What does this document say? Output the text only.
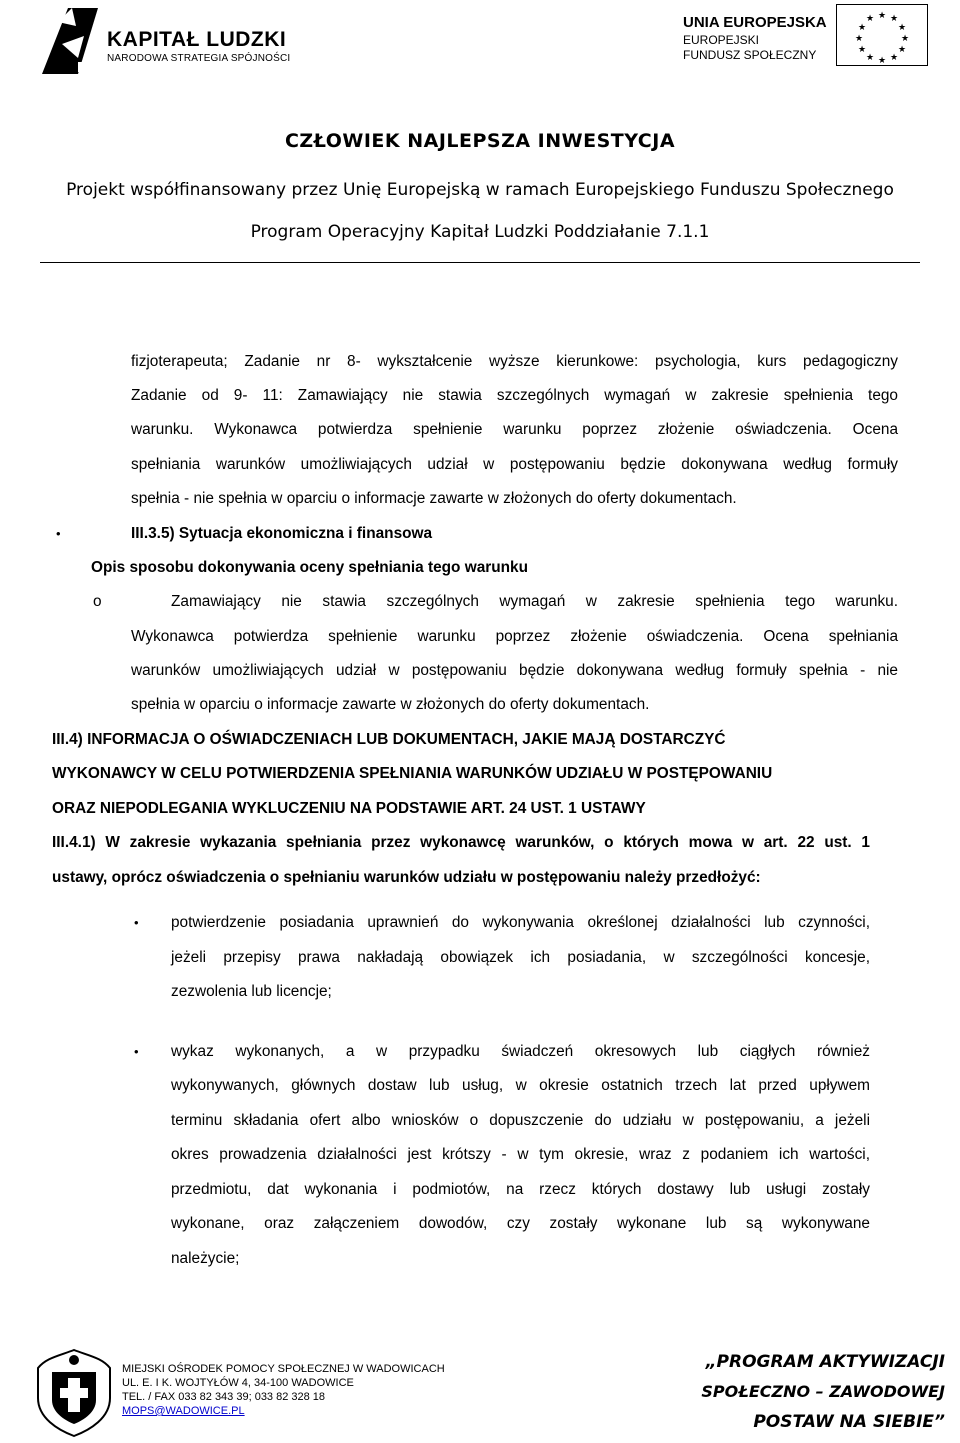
KAPITAŁ LUDZKI
NARODOWA STRATEGIA SPÓJNOŚCI
UNIA EUROPEJSKA
EUROPEJSKI
FUNDUSZ SPOŁECZNY
★ ★
★
★
★
★
★
★
★
★
★
★
CZŁOWIEK NAJLEPSZA INWESTYCJA
Projekt współfinansowany przez Unię Europejską w ramach Europejskiego Funduszu Społecznego
Program Operacyjny Kapitał Ludzki Poddziałanie 7.1.1
fizjoterapeuta; Zadanie nr 8- wykształcenie wyższe kierunkowe: psychologia, kurs pedagogiczny
Zadanie od 9- 11: Zamawiający nie stawia szczególnych wymagań w zakresie spełnienia tego
warunku. Wykonawca potwierdza spełnienie warunku poprzez złożenie oświadczenia. Ocena
spełniania warunków umożliwiających udział w postępowaniu będzie dokonywana według formuły
spełnia - nie spełnia w oparciu o informacje zawarte w złożonych do oferty dokumentach.
•	III.3.5) Sytuacja ekonomiczna i finansowa
Opis sposobu dokonywania oceny spełniania tego warunku
o	Zamawiający nie stawia szczególnych wymagań w zakresie spełnienia tego warunku.
Wykonawca potwierdza spełnienie warunku poprzez złożenie oświadczenia. Ocena spełniania
warunków umożliwiających udział w postępowaniu będzie dokonywana według formuły spełnia - nie
spełnia w oparciu o informacje zawarte w złożonych do oferty dokumentach.
III.4) INFORMACJA O OŚWIADCZENIACH LUB DOKUMENTACH, JAKIE MAJĄ DOSTARCZYĆ
WYKONAWCY W CELU POTWIERDZENIA SPEŁNIANIA WARUNKÓW UDZIAŁU W POSTĘPOWANIU
ORAZ NIEPODLEGANIA WYKLUCZENIU NA PODSTAWIE ART. 24 UST. 1 USTAWY
III.4.1) W zakresie wykazania spełniania przez wykonawcę warunków, o których mowa w art. 22 ust. 1
ustawy, oprócz oświadczenia o spełnianiu warunków udziału w postępowaniu należy przedłożyć:
• potwierdzenie posiadania uprawnień do wykonywania określonej działalności lub czynności,
jeżeli przepisy prawa nakładają obowiązek ich posiadania, w szczególności koncesje,
zezwolenia lub licencje;
• wykaz wykonanych, a w przypadku świadczeń okresowych lub ciągłych również
wykonywanych, głównych dostaw lub usług, w okresie ostatnich trzech lat przed upływem
terminu składania ofert albo wniosków o dopuszczenie do udziału w postępowaniu, a jeżeli
okres prowadzenia działalności jest krótszy - w tym okresie, wraz z podaniem ich wartości,
przedmiotu, dat wykonania i podmiotów, na rzecz których dostawy lub usługi zostały
wykonane, oraz załączeniem dowodów, czy zostały wykonane lub są wykonywane
należycie;
MIEJSKI OŚRODEK POMOCY SPOŁECZNEJ W WADOWICACH
UL. E. I K. WOJTYŁÓW 4, 34-100 WADOWICE
TEL. / FAX 033 82 343 39; 033 82 328 18
MOPS@WADOWICE.PL
„PROGRAM AKTYWIZACJI
SPOŁECZNO – ZAWODOWEJ
POSTAW NA SIEBIE”
